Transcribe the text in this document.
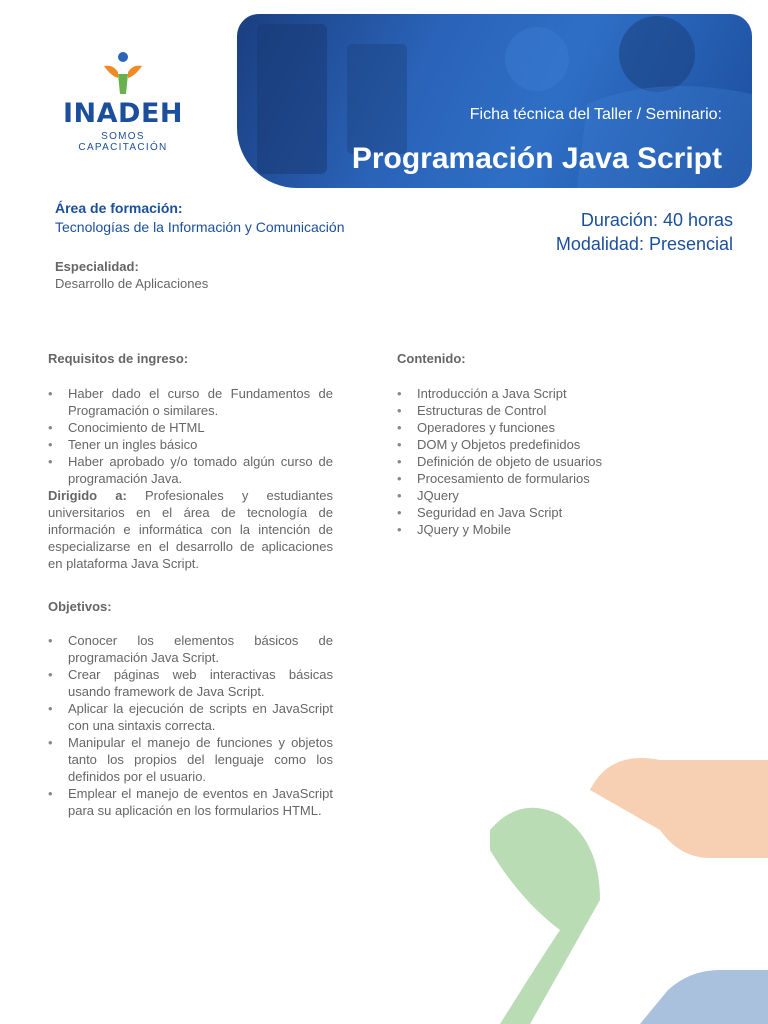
INADEH
SOMOS CAPACITACIÓN
Ficha técnica del Taller / Seminario:
Programación Java Script
Área de formación:
Tecnologías de la Información y Comunicación	Duración: 40 horas
Modalidad: Presencial
Especialidad:
Desarrollo de Aplicaciones
Requisitos de ingreso:
• Haber dado el curso de Fundamentos de Programación o similares.
• Conocimiento de HTML
• Tener un ingles básico
• Haber aprobado y/o tomado algún curso de programación Java.
Dirigido a: Profesionales y estudiantes universitarios en el área de tecnología de información e informática con la intención de especializarse en el desarrollo de aplicaciones en plataforma Java Script.
Objetivos:
• Conocer los elementos básicos de programación Java Script.
• Crear páginas web interactivas básicas usando framework de Java Script.
• Aplicar la ejecución de scripts en JavaScript con una sintaxis correcta.
• Manipular el manejo de funciones y objetos tanto los propios del lenguaje como los definidos por el usuario.
• Emplear el manejo de eventos en JavaScript para su aplicación en los formularios HTML.
Contenido:
• Introducción a Java Script
• Estructuras de Control
• Operadores y funciones
• DOM y Objetos predefinidos
• Definición de objeto de usuarios
• Procesamiento de formularios
• JQuery
• Seguridad en Java Script
• JQuery y Mobile
